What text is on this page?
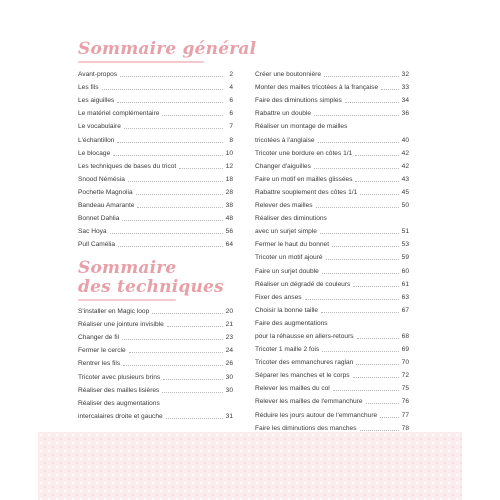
Sommaire général
Avant-propos	2
Les fils	4
Les aiguilles	6
Le matériel complémentaire	6
Le vocabulaire	7
L'échantillon	8
Le blocage	10
Les techniques de bases du tricot	12
Snood Némésia	18
Pochette Magnolia	28
Bandeau Amarante	38
Bonnet Dahlia	48
Sac Hoya	56
Pull Camélia	64
Sommaire
des techniques
S'installer en Magic loop	20
Réaliser une jointure invisible	21
Changer de fil	23
Fermer le cercle	24
Rentrer les fils	26
Tricoter avec plusieurs brins	30
Réaliser des mailles lisières	30
Réaliser des augmentations
intercalaires droite et gauche	31
Créer une boutonnière	32
Monter des mailles tricotées à la française	33
Faire des diminutions simples	34
Rabattre un double	36
Réaliser un montage de mailles
tricotées à l'anglaise	40
Tricoter une bordure en côtes 1/1	42
Changer d'aiguilles	42
Faire un motif en mailles glissées	43
Rabattre souplement des côtes 1/1	45
Relever des mailles	50
Réaliser des diminutions
avec un surjet simple	51
Fermer le haut du bonnet	53
Tricoter un motif ajouré	59
Faire un surjet double	60
Réaliser un dégradé de couleurs	61
Fixer des anses	63
Choisir la bonne taille	67
Faire des augmentations
pour la réhausse en allers-retours	68
Tricoter 1 maille 2 fois	69
Tricoter des emmanchures raglan	70
Séparer les manches et le corps	72
Relever les mailles du col	75
Relever les mailles de l'emmanchure	76
Réduire les jours autour de l'emmanchure	77
Faire les diminutions des manches	78
